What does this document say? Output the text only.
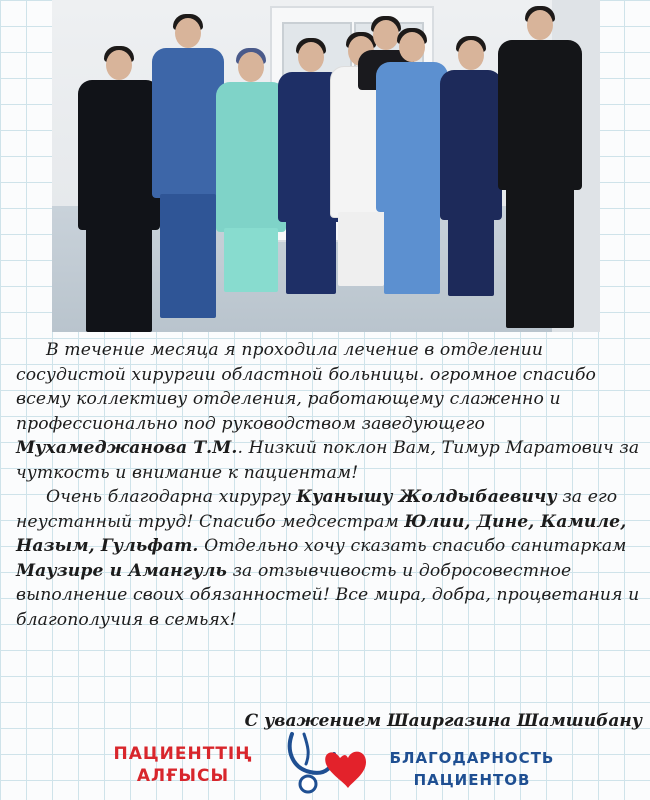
В течение месяца я проходила лечение в отделении сосудистой хирургии областной больницы. огромное спасибо всему коллективу отделения, работающему слаженно и профессионально под руководством заведующего Мухамеджанова Т.М.. Низкий поклон Вам, Тимур Маратович за чуткость и внимание к пациентам!

Очень благодарна хирургу Куанышу Жолдыбаевичу за его неустанный труд! Спасибо медсестрам Юлии, Дине, Камиле, Назым, Гульфат. Отдельно хочу сказать спасибо санитаркам Маузире и Амангуль за отзывчивость и добросовестное выполнение своих обязанностей! Все мира, добра, процветания и благополучия в семьях!

С уважением Шаиргазина Шамшибану
ПАЦИЕНТТІҢ
АЛҒЫСЫ
БЛАГОДАРНОСТЬ
ПАЦИЕНТОВ
